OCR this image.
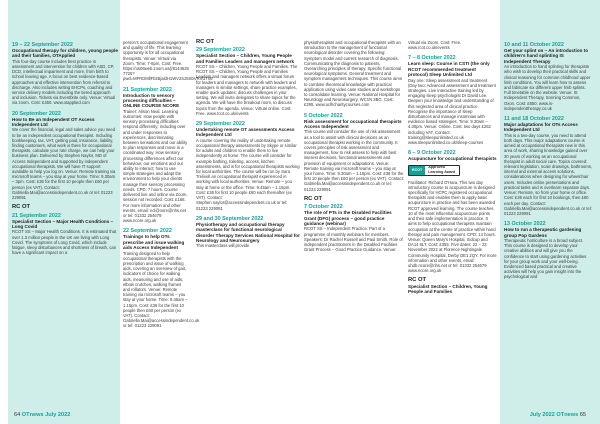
19 – 22 September 2022
Occupational therapy for children, young people and their families, OTApplied
This four-day course includes best practice in assessment and intervention for children with ASD, CP, DCD, intellectual impairment and more, from birth to school leaving age. A focus on best evidence-based approaches and effective intervention from referral to discharge. Also includes writing EHCPs, coaching and service delivery models including the tiered approach and inclusion. Tickets via Eventbrite only. Venue: Virtual via zoom. Cost: £450. www.otapplied.com
20 September 2022
How to Be an Independent OT Access Independent Ltd
We cover the financial, legal and sales advice you need to be an independent occupational therapist. Including bookkeeping, tax, VAT, getting paid, insurance, liability, finding customers, what work is there for occupational therapists, calculate your rate charge, we can help your business plan. Delivered by Stephen Naylor, MD of Access Independent and supported by independent occupational therapists. We will have IT support available to help you log on. Venue: Remote training via microsoft teams – you stay at your home. Time: 9.30am – 3pm. Cost: £36 for the first 10 people then £60 per person (ex VAT). Contact: Gabriella.Mai@accessindependent.co.uk or tel: 01223 229091
RC OT
21 September 2022
Specialist Section – Major Health Conditions – Long Covid
RCOT SS – Major Health Conditions. It is estimated that over 1.3 million people in the UK are living with Long Covid. The symptoms of Long Covid, which include fatigue, sleep disturbances and shortness of breath, can have a significant impact on a
person's occupational engagement and quality of life. This learning opportunity is for all occupational therapists. Venue: Virtual via Zoom. Time: 7-8pm. Cost: Free. https://us06web.zoom.us/j/8144525 7725?pwd=MFRDMllFbzBjaldH1WV2S25SbVRVUT09
21 September 2022
Introduction to sensory processing difficulties – ONLINE COURSE NCORE
Trainer: Alison Neal. Learning outcomes: How people with sensory processing difficulties respond differently; including over and under responses to experiences, discriminating between sensations and our ability to plan responses and move in a coordinated way. How sensory processing differences affect our behaviour, our emotions and our ability to interact; how to use simple strategies and adapt the environment to help your clients manage their sensory processing needs. CPD: 7 hours. Course delivered live and online via Zoom, session not recorded. Cost: £168. For more information and other events, email: ncl@nore@nhs.net or tel: 01332 254679 www.ncore.org.uk
22 September 2022
Trainings to help OTs prescribe and issue walking aids Access Independent
Training designed to help occupational therapists with the prescription and issue of walking aids, covering an overview of gait, indicators of choice for walking aids, measuring and use of aids, elbow crutches, walking frames and rollators. Venue: Remote training via microsoft teams – you stay at your home. Time: 9.45am – 1.15pm. Cost: £36 for the first 10 people then £60 per person (ex VAT). Contact: Gabriella.Mai@accessindependent.co.uk or tel: 01223 229091
RC OT
29 September 2022
Specialist Section – Children, Young People and Families Leaders and managers network
RCOT SS – Children, Young People and Families. The RCOT SS – Children, Young People and Families Leaders and managers network offers a virtual forum for leaders and managers to network with leaders and managers in similar settings, share practice examples, enable quick updates; discuss challenges in your setting. We will invite delegates to share topics for the agenda. We will have the breakout room, to discuss topics from the agenda. Venue: Virtual online. Cost: Free. www.rcot.co.uk/events
29 September 2022
Undertaking remote OT assessments Access Independent Ltd
A course covering the reality of undertaking remote occupational therapy assessments by Skype or similar for adults and children to enable them to live independently at home. The course will consider for example bathing, toileting, access, kitchen assessments, and is for occupational therapists working for local authorities. The course will be run by Sara Trelivell an occupational therapist experienced in working with local authorities. Venue: Remote – you stay at home or the office. Time: 9.45am – 1.15pm. Cost: £36 for first 10 people £60 each thereafter (ex VAT). Contact: Stephen.naylor@accessindependent.co.uk or tel: 01223 229091
29 and 30 September 2022
Physiotherapy and occupational therapy masterclass for functional neurological disorder Therapy Services National Hospital for Neurology and Neurosurgery
This masterclass will provide
physiotherapists and occupational therapists with an introduction to the management of functional neurological disorder covering the following: Symptom model and current research of diagnosis. Communicating the diagnosis to patients. Overarching principles of therapy. Specific functional neurological symptoms. General treatment and symptom management techniques. This course aims to combine theoretical knowledge with practical application using video case studies and workshops to consolidate learning. Venue: National Hospital for Neurology and Neurosurgery, WC1N 3BG. Cost: £295. www.uclhcharitycourses.com
5 October 2022
Risk assessment for occupational therapists Access Independent
This course will consider the use of risk assessment as a tool to assist with clinical decisions as an occupational therapist working in the community. It covers principles of risk assessment and management, how to risk assess to help with best interest decisions, functional assessments and provision of equipment or adaptations. Venue: Remote training via microsoft teams – you stay at your home. Time: 9.30am – 1.15pm. Cost: £36 for the first 10 people then £60 per person (ex VAT). Contact: Gabriella.Mai@accessindependent.co.uk or tel: 01223 229091
RC OT
7 October 2022
The role of PTs in the Disabled Facilities Grant (DFG) process – good practice guidance (webinar)
RCOT SS – Independent Practice. Part of a programme of monthly webinars for members. Speakers: Dr Rachel Russell and Paul Smith. Role of independent practitioners in the Disabled Facilities Grant Process – Good Practice Guidance. Venue:
Virtual via Zoom. Cost: Free. www.rcot.co.uk/events
7 – 8 October 2022
Learn sleep: Course in CSTI (the only RCOT recommended treatment protocol) Sleep Unlimited Ltd
Day one: Sleep assessment and treatment (Day two: Advanced assessment and treatment strategies. Live interactive training led by engaging sleep psychologist Dr David Lee. Deepen your knowledge and understanding of this neglected area of clinical practice. Recognise the importance of sleep disturbances and manage insomnias with evidence based strategies. Time: 9.30am – 4.30pm. Venue: Online. Cost: two days £252 including VAT. Contact: training@sleepunlimited.co.uk www.sleepunlimited.co.uk/sleep-courses
8 – 9 October 2022
Acupuncture for occupational therapists
RCOT
Approved Learning Award
Facilitator: Richard O'Hara. This two day introductory course to acupuncture is designed specifically for HCPC registered occupational therapists and enables them to apply basic acupuncture in practice and has been awarded RCOT approved learning. The course teaches 10 of the most influential acupuncture points and their safe implementation in practice. It aims to help occupational therapists maintain occupation at the centre of practice within hand therapy and pain management. CPD: 14 hours. Venue: Queen Mary's Hospital, Sidcup and DA14 6LT. Cost: £355. Five dates: 22 – 23 November 2022 at Florence Nightingale Community Hospital, Derby DE1 2QY. For more information and other events, email: uhdb.ncore@nhs.net or tel: 01332 254679 www.ncore.org.uk
RC OT
Specialist Section – Children, Young People and Families
10 and 11 October 2022
Get your splint on – An introduction to children's hand splinting IS Independent Therapy
An introduction to hand splinting for therapists who wish to develop their practical skills and clinical reasoning for common childhood upper limb conditions. You will learn how to assess and fabricate six different upper limb splints. Full timetable on the website. Venue: IS Independent Therapy, Sonning Common, Oxon. Cost: £650. www.is-independenttherapy.co.uk
11 and 18 October 2022
Major adaptations for OTs Access Independent Ltd
This is a two-day course, you need to attend both days. This major adaptations course is aimed at occupational therapists new in this area of work, sharing knowledge gained over 30 years of working as an occupational therapist in adult social care. Topics covered: relevant legislation, scale drawings, bathrooms, internal and external access solutions, considerations when designing for wheelchair users. Includes online presentations and practical tasks and is overlearn separate days. Venue: Remote, so from your home or office. Cost: £36 each for first 10 bookings, then £60 each per day. Contact: Gabriella.Mai@accessindependent.co.uk or tel: 01223 229091
13 October 2022
How to run a therapeutic gardening group Pop Gardens
Therapeutic horticulture is a broad subject. This course is designed to develop your creative abilities and will give you the confidence to start using gardening activities for your group work and your well-being. Evidenced based practical and creative activities will help you gain insight into the psychological and
64 OTnews July 2022	July 2022 OTnews 65
